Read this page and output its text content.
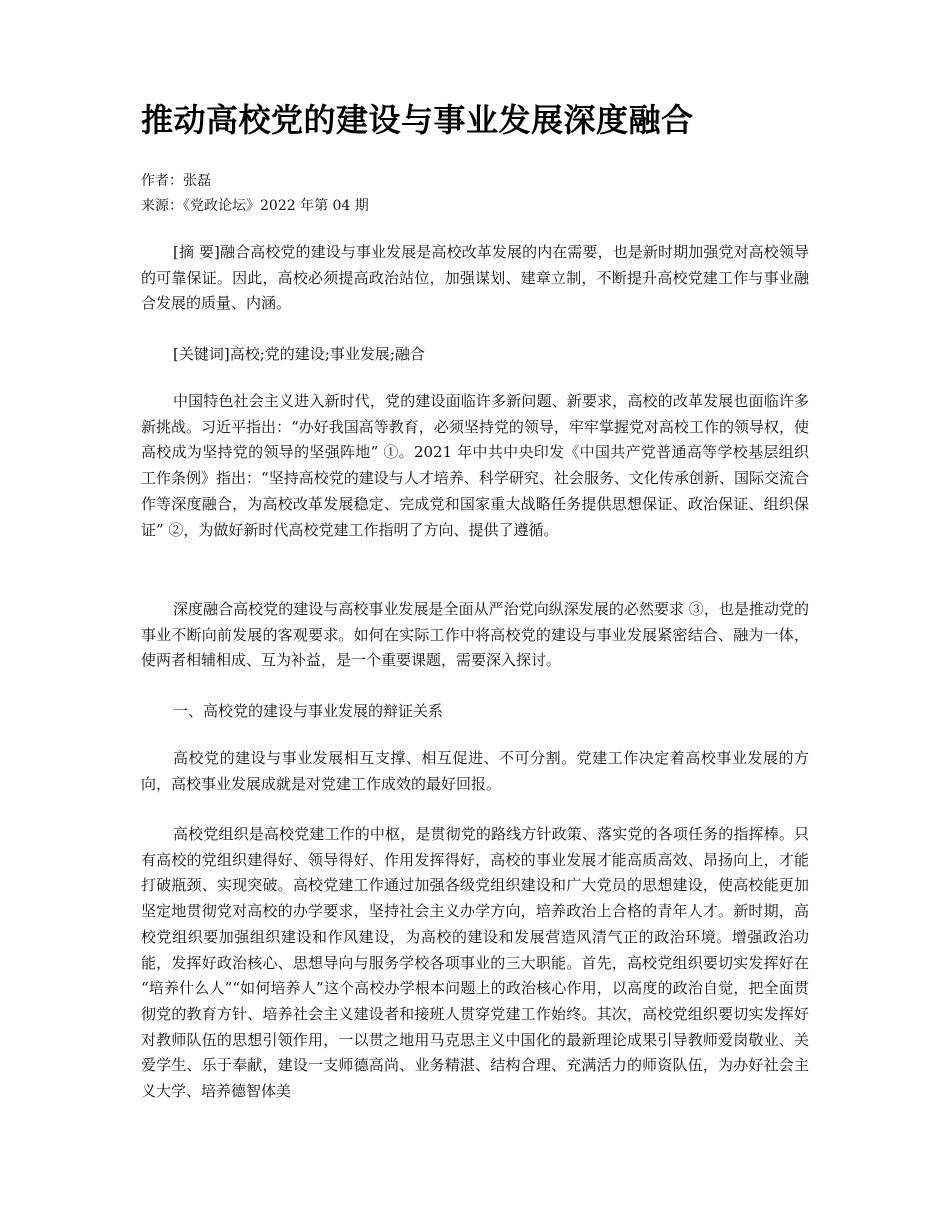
推动高校党的建设与事业发展深度融合

作者：张磊

来源：《党政论坛》2022 年第 04 期

[摘 要]融合高校党的建设与事业发展是高校改革发展的内在需要，也是新时期加强党对高校领导的可靠保证。因此，高校必须提高政治站位，加强谋划、建章立制，不断提升高校党建工作与事业融合发展的质量、内涵。

[关键词]高校;党的建设;事业发展;融合

中国特色社会主义进入新时代，党的建设面临许多新问题、新要求，高校的改革发展也面临许多新挑战。习近平指出：“办好我国高等教育，必须坚持党的领导，牢牢掌握党对高校工作的领导权，使高校成为坚持党的领导的坚强阵地” ①。2021 年中共中央印发《中国共产党普通高等学校基层组织工作条例》指出：“坚持高校党的建设与人才培养、科学研究、社会服务、文化传承创新、国际交流合作等深度融合，为高校改革发展稳定、完成党和国家重大战略任务提供思想保证、政治保证、组织保证” ②，为做好新时代高校党建工作指明了方向、提供了遵循。

深度融合高校党的建设与高校事业发展是全面从严治党向纵深发展的必然要求 ③，也是推动党的事业不断向前发展的客观要求。如何在实际工作中将高校党的建设与事业发展紧密结合、融为一体，使两者相辅相成、互为补益，是一个重要课题，需要深入探讨。

一、高校党的建设与事业发展的辩证关系

高校党的建设与事业发展相互支撑、相互促进、不可分割。党建工作决定着高校事业发展的方向，高校事业发展成就是对党建工作成效的最好回报。

高校党组织是高校党建工作的中枢，是贯彻党的路线方针政策、落实党的各项任务的指挥棒。只有高校的党组织建得好、领导得好、作用发挥得好，高校的事业发展才能高质高效、昂扬向上，才能打破瓶颈、实现突破。高校党建工作通过加强各级党组织建设和广大党员的思想建设，使高校能更加坚定地贯彻党对高校的办学要求，坚持社会主义办学方向，培养政治上合格的青年人才。新时期，高校党组织要加强组织建设和作风建设，为高校的建设和发展营造风清气正的政治环境。增强政治功能，发挥好政治核心、思想导向与服务学校各项事业的三大职能。首先，高校党组织要切实发挥好在 “培养什么人”“如何培养人”这个高校办学根本问题上的政治核心作用，以高度的政治自觉，把全面贯彻党的教育方针、培养社会主义建设者和接班人贯穿党建工作始终。其次，高校党组织要切实发挥好对教师队伍的思想引领作用，一以贯之地用马克思主义中国化的最新理论成果引导教师爱岗敬业、关爱学生、乐于奉献，建设一支师德高尚、业务精湛、结构合理、充满活力的师资队伍，为办好社会主义大学、培养德智体美
